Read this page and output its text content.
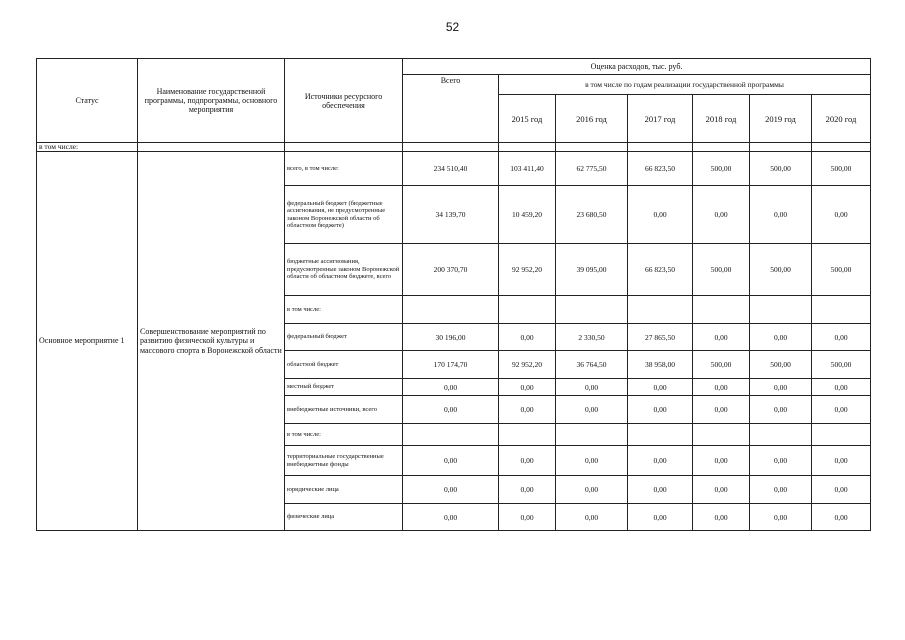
52
Статус	Наименование государственной программы, подпрограммы, основного мероприятия	Источники ресурсного обеспечения	Оценка расходов, тыс. руб.						
			Всего	в том числе по годам реализации государственной программы					
				2015 год	2016 год	2017 год	2018 год	2019 год	2020 год
в том числе:									
Основное мероприятие 1	Совершенствование мероприятий по развитию физической культуры и массового спорта в Воронежской области	всего, в том числе:	234 510,40	103 411,40	62 775,50	66 823,50	500,00	500,00	500,00
		федеральный бюджет (бюджетные ассигнования, не предусмотренные законом Воронежской области об областном бюджете)	34 139,70	10 459,20	23 680,50	0,00	0,00	0,00	0,00
		бюджетные ассигнования, предусмотренные законом Воронежской области об областном бюджете, всего	200 370,70	92 952,20	39 095,00	66 823,50	500,00	500,00	500,00
		в том числе:							
		федеральный бюджет	30 196,00	0,00	2 330,50	27 865,50	0,00	0,00	0,00
		областной бюджет	170 174,70	92 952,20	36 764,50	38 958,00	500,00	500,00	500,00
		местный бюджет	0,00	0,00	0,00	0,00	0,00	0,00	0,00
		внебюджетные источники, всего	0,00	0,00	0,00	0,00	0,00	0,00	0,00
		в том числе:							
		территориальные государственные внебюджетные фонды	0,00	0,00	0,00	0,00	0,00	0,00	0,00
		юридические лица	0,00	0,00	0,00	0,00	0,00	0,00	0,00
		физические лица	0,00	0,00	0,00	0,00	0,00	0,00	0,00
